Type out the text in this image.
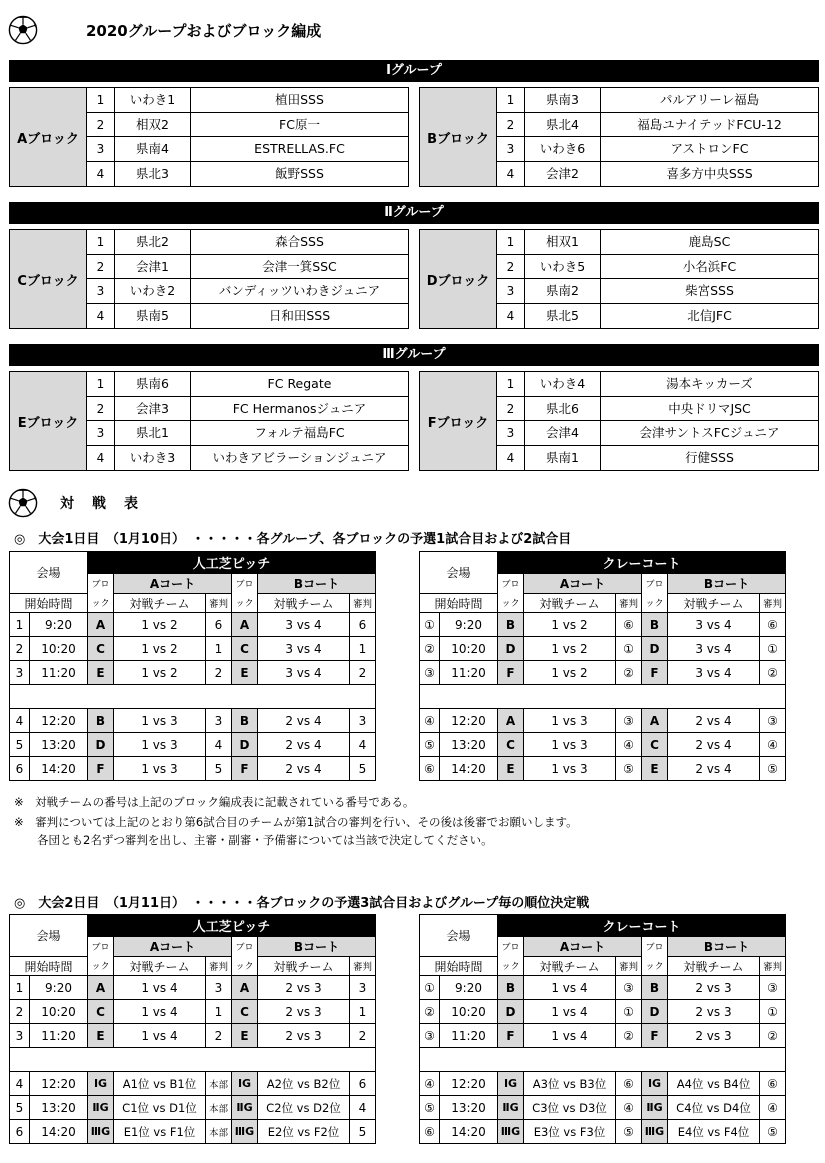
2020グループおよびブロック編成
Ⅰグループ
Aブロック
1	いわき1	植田SSS
2	相双2	FC原一
3	県南4	ESTRELLAS.FC
4	県北3	飯野SSS
Bブロック
1	県南3	パルアリーレ福島
2	県北4	福島ユナイテッドFCU-12
3	いわき6	アストロンFC
4	会津2	喜多方中央SSS
Ⅱグループ
Cブロック
1	県北2	森合SSS
2	会津1	会津一箕SSC
3	いわき2	バンディッツいわきジュニア
4	県南5	日和田SSS
Dブロック
1	相双1	鹿島SC
2	いわき5	小名浜FC
3	県南2	柴宮SSS
4	県北5	北信JFC
Ⅲグループ
Eブロック
1	県南6	FC Regate
2	会津3	FC Hermanosジュニア
3	県北1	フォルテ福島FC
4	いわき3	いわきアビラーションジュニア
Fブロック
1	いわき4	湯本キッカーズ
2	県北6	中央ドリマJSC
3	会津4	会津サントスFCジュニア
4	県南1	行健SSS
対　戦　表
◎　大会1日目　（1月10日）　・・・・・各グループ、各ブロックの予選1試合目および2試合目
会場		人工芝ピッチ					
		ブロ	Aコート		ブロ	Bコート	
開始時間		ック	対戦チーム	審判	ック	対戦チーム	審判
1	9:20	A	1 vs 2	6	A	3 vs 4	6
2	10:20	C	1 vs 2	1	C	3 vs 4	1
3	11:20	E	1 vs 2	2	E	3 vs 4	2

4	12:20	B	1 vs 3	3	B	2 vs 4	3
5	13:20	D	1 vs 3	4	D	2 vs 4	4
6	14:20	F	1 vs 3	5	F	2 vs 4	5
会場		クレーコート					
		ブロ	Aコート		ブロ	Bコート	
開始時間		ック	対戦チーム	審判	ック	対戦チーム	審判
①	9:20	B	1 vs 2	⑥	B	3 vs 4	⑥
②	10:20	D	1 vs 2	①	D	3 vs 4	①
③	11:20	F	1 vs 2	②	F	3 vs 4	②

④	12:20	A	1 vs 3	③	A	2 vs 4	③
⑤	13:20	C	1 vs 3	④	C	2 vs 4	④
⑥	14:20	E	1 vs 3	⑤	E	2 vs 4	⑤
※　対戦チームの番号は上記のブロック編成表に記載されている番号である。
※　審判については上記のとおり第6試合目のチームが第1試合の審判を行い、その後は後審でお願いします。
　　各団とも2名ずつ審判を出し、主審・副審・予備審については当該で決定してください。
◎　大会2日目　（1月11日）　・・・・・各ブロックの予選3試合目およびグループ毎の順位決定戦
会場		人工芝ピッチ					
		ブロ	Aコート		ブロ	Bコート	
開始時間		ック	対戦チーム	審判	ック	対戦チーム	審判
1	9:20	A	1 vs 4	3	A	2 vs 3	3
2	10:20	C	1 vs 4	1	C	2 vs 3	1
3	11:20	E	1 vs 4	2	E	2 vs 3	2

4	12:20	ⅠG	A1位 vs B1位	本部	ⅠG	A2位 vs B2位	6
5	13:20	ⅡG	C1位 vs D1位	本部	ⅡG	C2位 vs D2位	4
6	14:20	ⅢG	E1位 vs F1位	本部	ⅢG	E2位 vs F2位	5
会場		クレーコート					
		ブロ	Aコート		ブロ	Bコート	
開始時間		ック	対戦チーム	審判	ック	対戦チーム	審判
①	9:20	B	1 vs 4	③	B	2 vs 3	③
②	10:20	D	1 vs 4	①	D	2 vs 3	①
③	11:20	F	1 vs 4	②	F	2 vs 3	②

④	12:20	ⅠG	A3位 vs B3位	⑥	ⅠG	A4位 vs B4位	⑥
⑤	13:20	ⅡG	C3位 vs D3位	④	ⅡG	C4位 vs D4位	④
⑥	14:20	ⅢG	E3位 vs F3位	⑤	ⅢG	E4位 vs F4位	⑤
